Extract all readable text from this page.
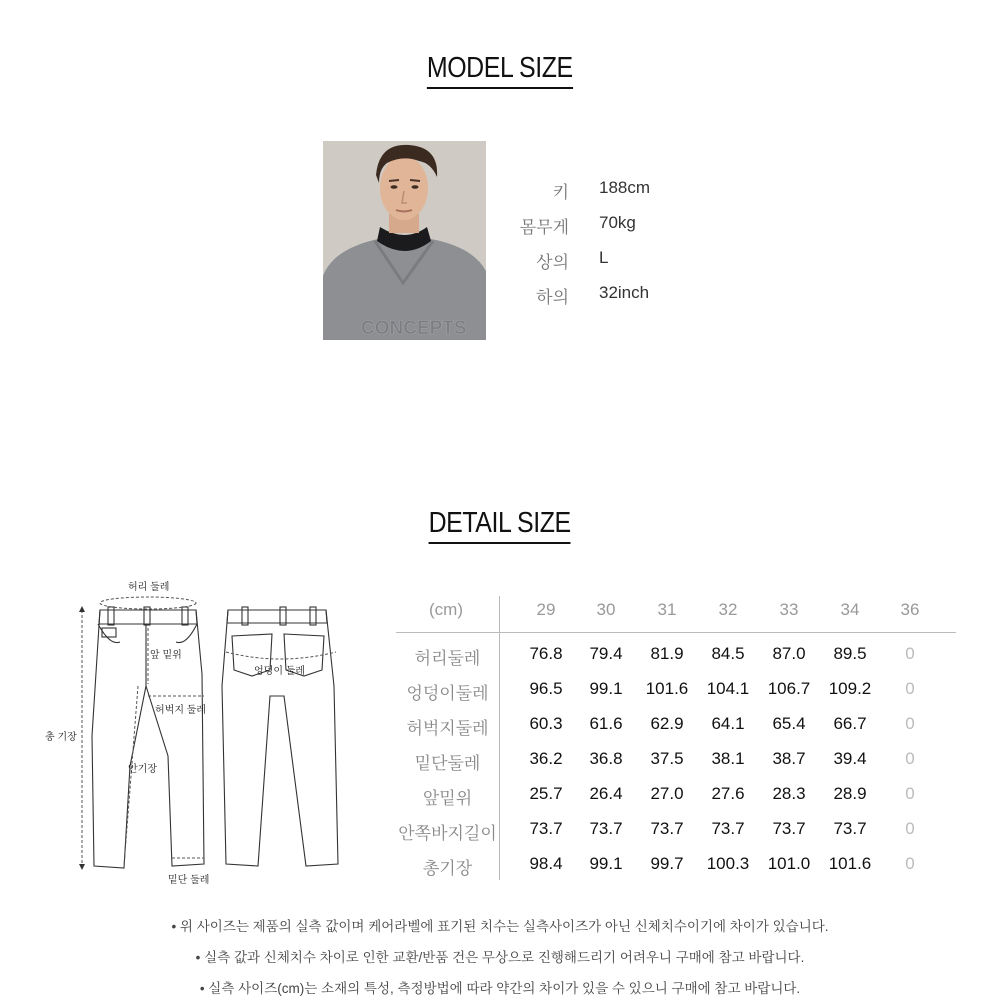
MODEL SIZE
CONCEPTS
키 188cm
몸무게 70kg
상의 L
하의 32inch
DETAIL SIZE
허리 둘레
앞 밑위
허벅지 둘레
안기장
총 기장
밑단 둘레
엉덩이 둘레
(cm)	29	30	31	32	33	34	36
허리둘레	76.8	79.4	81.9	84.5	87.0	89.5	0
엉덩이둘레	96.5	99.1	101.6	104.1	106.7	109.2	0
허벅지둘레	60.3	61.6	62.9	64.1	65.4	66.7	0
밑단둘레	36.2	36.8	37.5	38.1	38.7	39.4	0
앞밑위	25.7	26.4	27.0	27.6	28.3	28.9	0
안쪽바지길이	73.7	73.7	73.7	73.7	73.7	73.7	0
총기장	98.4	99.1	99.7	100.3	101.0	101.6	0
• 위 사이즈는 제품의 실측 값이며 케어라벨에 표기된 치수는 실측사이즈가 아닌 신체치수이기에 차이가 있습니다.
• 실측 값과 신체치수 차이로 인한 교환/반품 건은 무상으로 진행해드리기 어려우니 구매에 참고 바랍니다.
• 실측 사이즈(cm)는 소재의 특성, 측정방법에 따라 약간의 차이가 있을 수 있으니 구매에 참고 바랍니다.
